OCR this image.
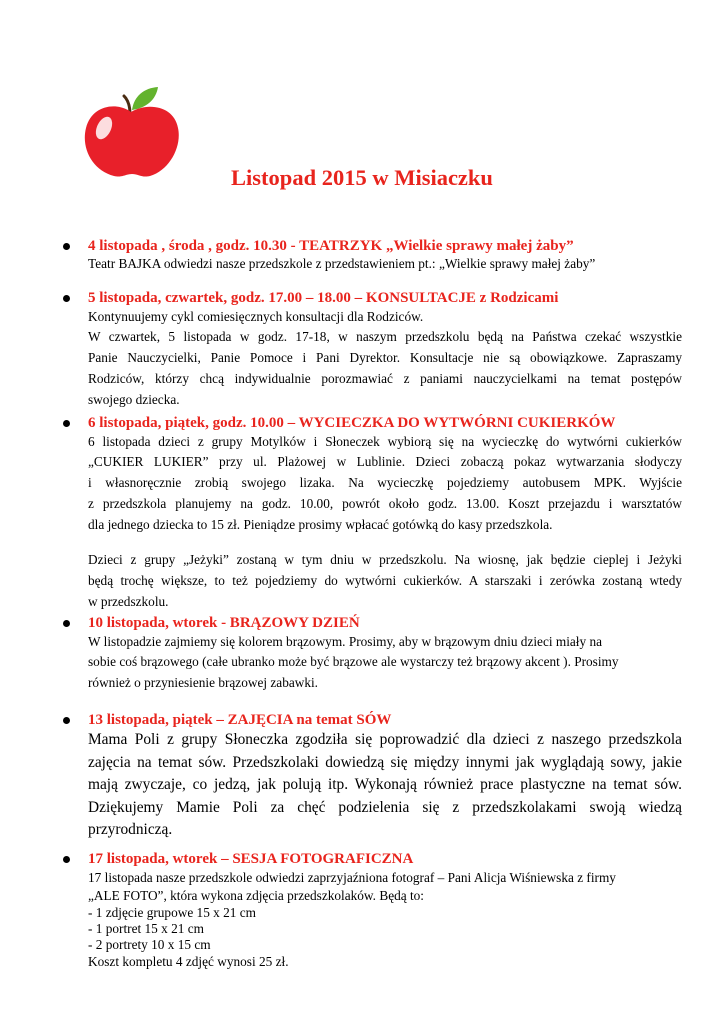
Listopad 2015 w Misiaczku
4 listopada , środa , godz. 10.30 - TEATRZYK „Wielkie sprawy małej żaby”
Teatr BAJKA odwiedzi nasze przedszkole z przedstawieniem pt.: „Wielkie sprawy małej żaby”
5 listopada, czwartek, godz. 17.00 – 18.00 – KONSULTACJE z Rodzicami
Kontynuujemy cykl comiesięcznych konsultacji dla Rodziców.
W czwartek, 5 listopada w godz. 17-18, w naszym przedszkolu będą na Państwa czekać wszystkie
Panie Nauczycielki, Panie Pomoce i Pani Dyrektor. Konsultacje nie są obowiązkowe. Zapraszamy
Rodziców, którzy chcą indywidualnie porozmawiać z paniami nauczycielkami na temat postępów
swojego dziecka.
6 listopada, piątek, godz. 10.00 – WYCIECZKA DO WYTWÓRNI CUKIERKÓW
6 listopada dzieci z grupy Motylków i Słoneczek wybiorą się na wycieczkę do wytwórni cukierków
„CUKIER LUKIER” przy ul. Plażowej w Lublinie. Dzieci zobaczą pokaz wytwarzania słodyczy
i własnoręcznie zrobią swojego lizaka. Na wycieczkę pojedziemy autobusem MPK. Wyjście
z przedszkola planujemy na godz. 10.00, powrót około godz. 13.00. Koszt przejazdu i warsztatów
dla jednego dziecka to 15 zł. Pieniądze prosimy wpłacać gotówką do kasy przedszkola.
Dzieci z grupy „Jeżyki” zostaną w tym dniu w przedszkolu. Na wiosnę, jak będzie cieplej i Jeżyki
będą trochę większe, to też pojedziemy do wytwórni cukierków. A starszaki i zerówka zostaną wtedy
w przedszkolu.
10 listopada, wtorek - BRĄZOWY DZIEŃ
W listopadzie zajmiemy się kolorem brązowym. Prosimy, aby w brązowym dniu dzieci miały na
sobie coś brązowego (całe ubranko może być brązowe ale wystarczy też brązowy akcent ). Prosimy
również o przyniesienie brązowej zabawki.
13 listopada, piątek – ZAJĘCIA na temat SÓW
Mama Poli z grupy Słoneczka zgodziła się poprowadzić dla dzieci z naszego przedszkola
zajęcia na temat sów. Przedszkolaki dowiedzą się między innymi jak wyglądają sowy, jakie
mają zwyczaje, co jedzą, jak polują itp. Wykonają również prace plastyczne na temat sów.
Dziękujemy Mamie Poli za chęć podzielenia się z przedszkolakami swoją wiedzą
przyrodniczą.
17 listopada, wtorek – SESJA FOTOGRAFICZNA
17 listopada nasze przedszkole odwiedzi zaprzyjaźniona fotograf – Pani Alicja Wiśniewska z firmy
„ALE FOTO”, która wykona zdjęcia przedszkolaków. Będą to:
- 1 zdjęcie grupowe 15 x 21 cm
- 1 portret 15 x 21 cm
- 2 portrety 10 x 15 cm
Koszt kompletu 4 zdjęć wynosi 25 zł.
